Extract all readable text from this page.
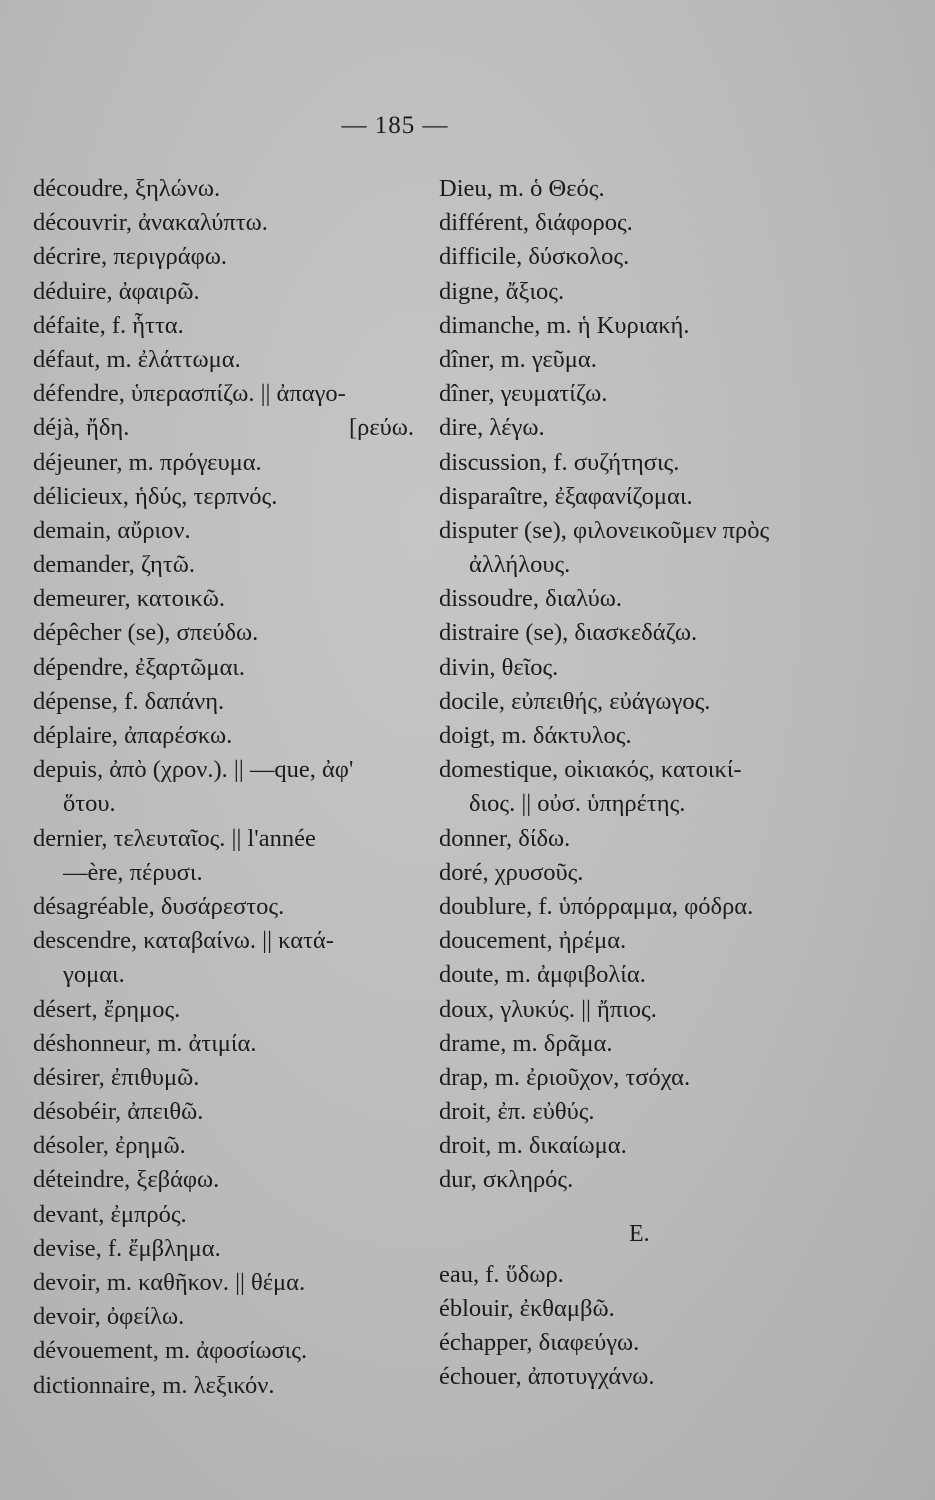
— 185 —
découdre, ξηλώνω.
découvrir, ἀνακαλύπτω.
décrire, περιγράφω.
déduire, ἀφαιρῶ.
défaite, f. ἧττα.
défaut, m. ἐλάττωμα.
défendre, ὑπερασπίζω. || ἀπαγο-
déjà, ἤδη.	[ρεύω.
déjeuner, m. πρόγευμα.
délicieux, ἡδύς, τερπνός.
demain, αὔριον.
demander, ζητῶ.
demeurer, κατοικῶ.
dépêcher (se), σπεύδω.
dépendre, ἐξαρτῶμαι.
dépense, f. δαπάνη.
déplaire, ἀπαρέσκω.
depuis, ἀπὸ (χρον.). || —que, ἀφ'
ὅτου.
dernier, τελευταῖος. || l'année
—ère, πέρυσι.
désagréable, δυσάρεστος.
descendre, καταβαίνω. || κατά-
γομαι.
désert, ἔρημος.
déshonneur, m. ἀτιμία.
désirer, ἐπιθυμῶ.
désobéir, ἀπειθῶ.
désoler, ἐρημῶ.
déteindre, ξεβάφω.
devant, ἐμπρός.
devise, f. ἔμβλημα.
devoir, m. καθῆκον. || θέμα.
devoir, ὀφείλω.
dévouement, m. ἀφοσίωσις.
dictionnaire, m. λεξικόν.
Dieu, m. ὁ Θεός.
différent, διάφορος.
difficile, δύσκολος.
digne, ἄξιος.
dimanche, m. ἡ Κυριακή.
dîner, m. γεῦμα.
dîner, γευματίζω.
dire, λέγω.
discussion, f. συζήτησις.
disparaître, ἐξαφανίζομαι.
disputer (se), φιλονεικοῦμεν πρὸς
ἀλλήλους.
dissoudre, διαλύω.
distraire (se), διασκεδάζω.
divin, θεῖος.
docile, εὐπειθής, εὐάγωγος.
doigt, m. δάκτυλος.
domestique, οἰκιακός, κατοικί-
διος. || οὐσ. ὑπηρέτης.
donner, δίδω.
doré, χρυσοῦς.
doublure, f. ὑπόρραμμα, φόδρα.
doucement, ἠρέμα.
doute, m. ἀμφιβολία.
doux, γλυκύς. || ἤπιος.
drame, m. δρᾶμα.
drap, m. ἐριοῦχον, τσόχα.
droit, ἐπ. εὐθύς.
droit, m. δικαίωμα.
dur, σκληρός.
E.
eau, f. ὕδωρ.
éblouir, ἐκθαμβῶ.
échapper, διαφεύγω.
échouer, ἀποτυγχάνω.
